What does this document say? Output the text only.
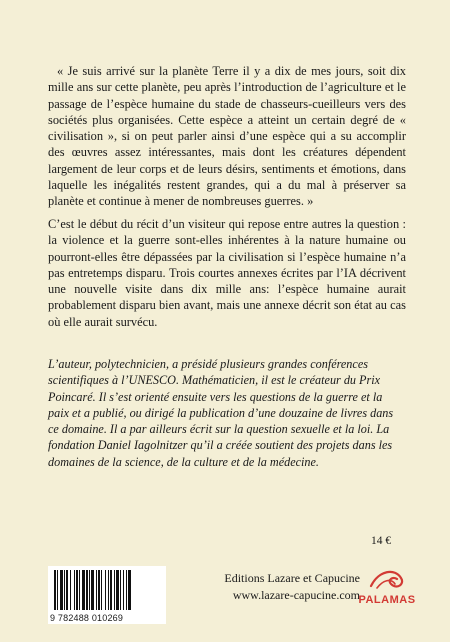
« Je suis arrivé sur la planète Terre il y a dix de mes jours, soit dix mille ans sur cette planète, peu après l’introduction de l’agriculture et le passage de l’espèce humaine du stade de chasseurs-cueilleurs vers des sociétés plus organisées. Cette espèce a atteint un certain degré de « civilisation », si on peut parler ainsi d’une espèce qui a su accomplir des œuvres assez intéressantes, mais dont les créatures dépendent largement de leur corps et de leurs désirs, sentiments et émotions, dans laquelle les inégalités restent grandes, qui a du mal à préserver sa planète et continue à mener de nombreuses guerres. »

C’est le début du récit d’un visiteur qui repose entre autres la question : la violence et la guerre sont-elles inhérentes à la nature humaine ou pourront-elles être dépassées par la civilisation si l’espèce humaine n’a pas entretemps disparu. Trois courtes annexes écrites par l’IA décrivent une nouvelle visite dans dix mille ans: l’espèce humaine aurait probablement disparu bien avant, mais une annexe décrit son état au cas où elle aurait survécu.

L’auteur, polytechnicien, a présidé plusieurs grandes conférences scientifiques à l’UNESCO. Mathématicien, il est le créateur du Prix Poincaré. Il s’est orienté ensuite vers les questions de la guerre et la paix et a publié, ou dirigé la publication d’une douzaine de livres dans ce domaine. Il a par ailleurs écrit sur la question sexuelle et la loi. La fondation Daniel Iagolnitzer qu’il a créée soutient des projets dans les domaines de la science, de la culture et de la médecine.

14 €
9 782488 010269
Editions Lazare et Capucine
www.lazare-capucine.com
PALAMAS
